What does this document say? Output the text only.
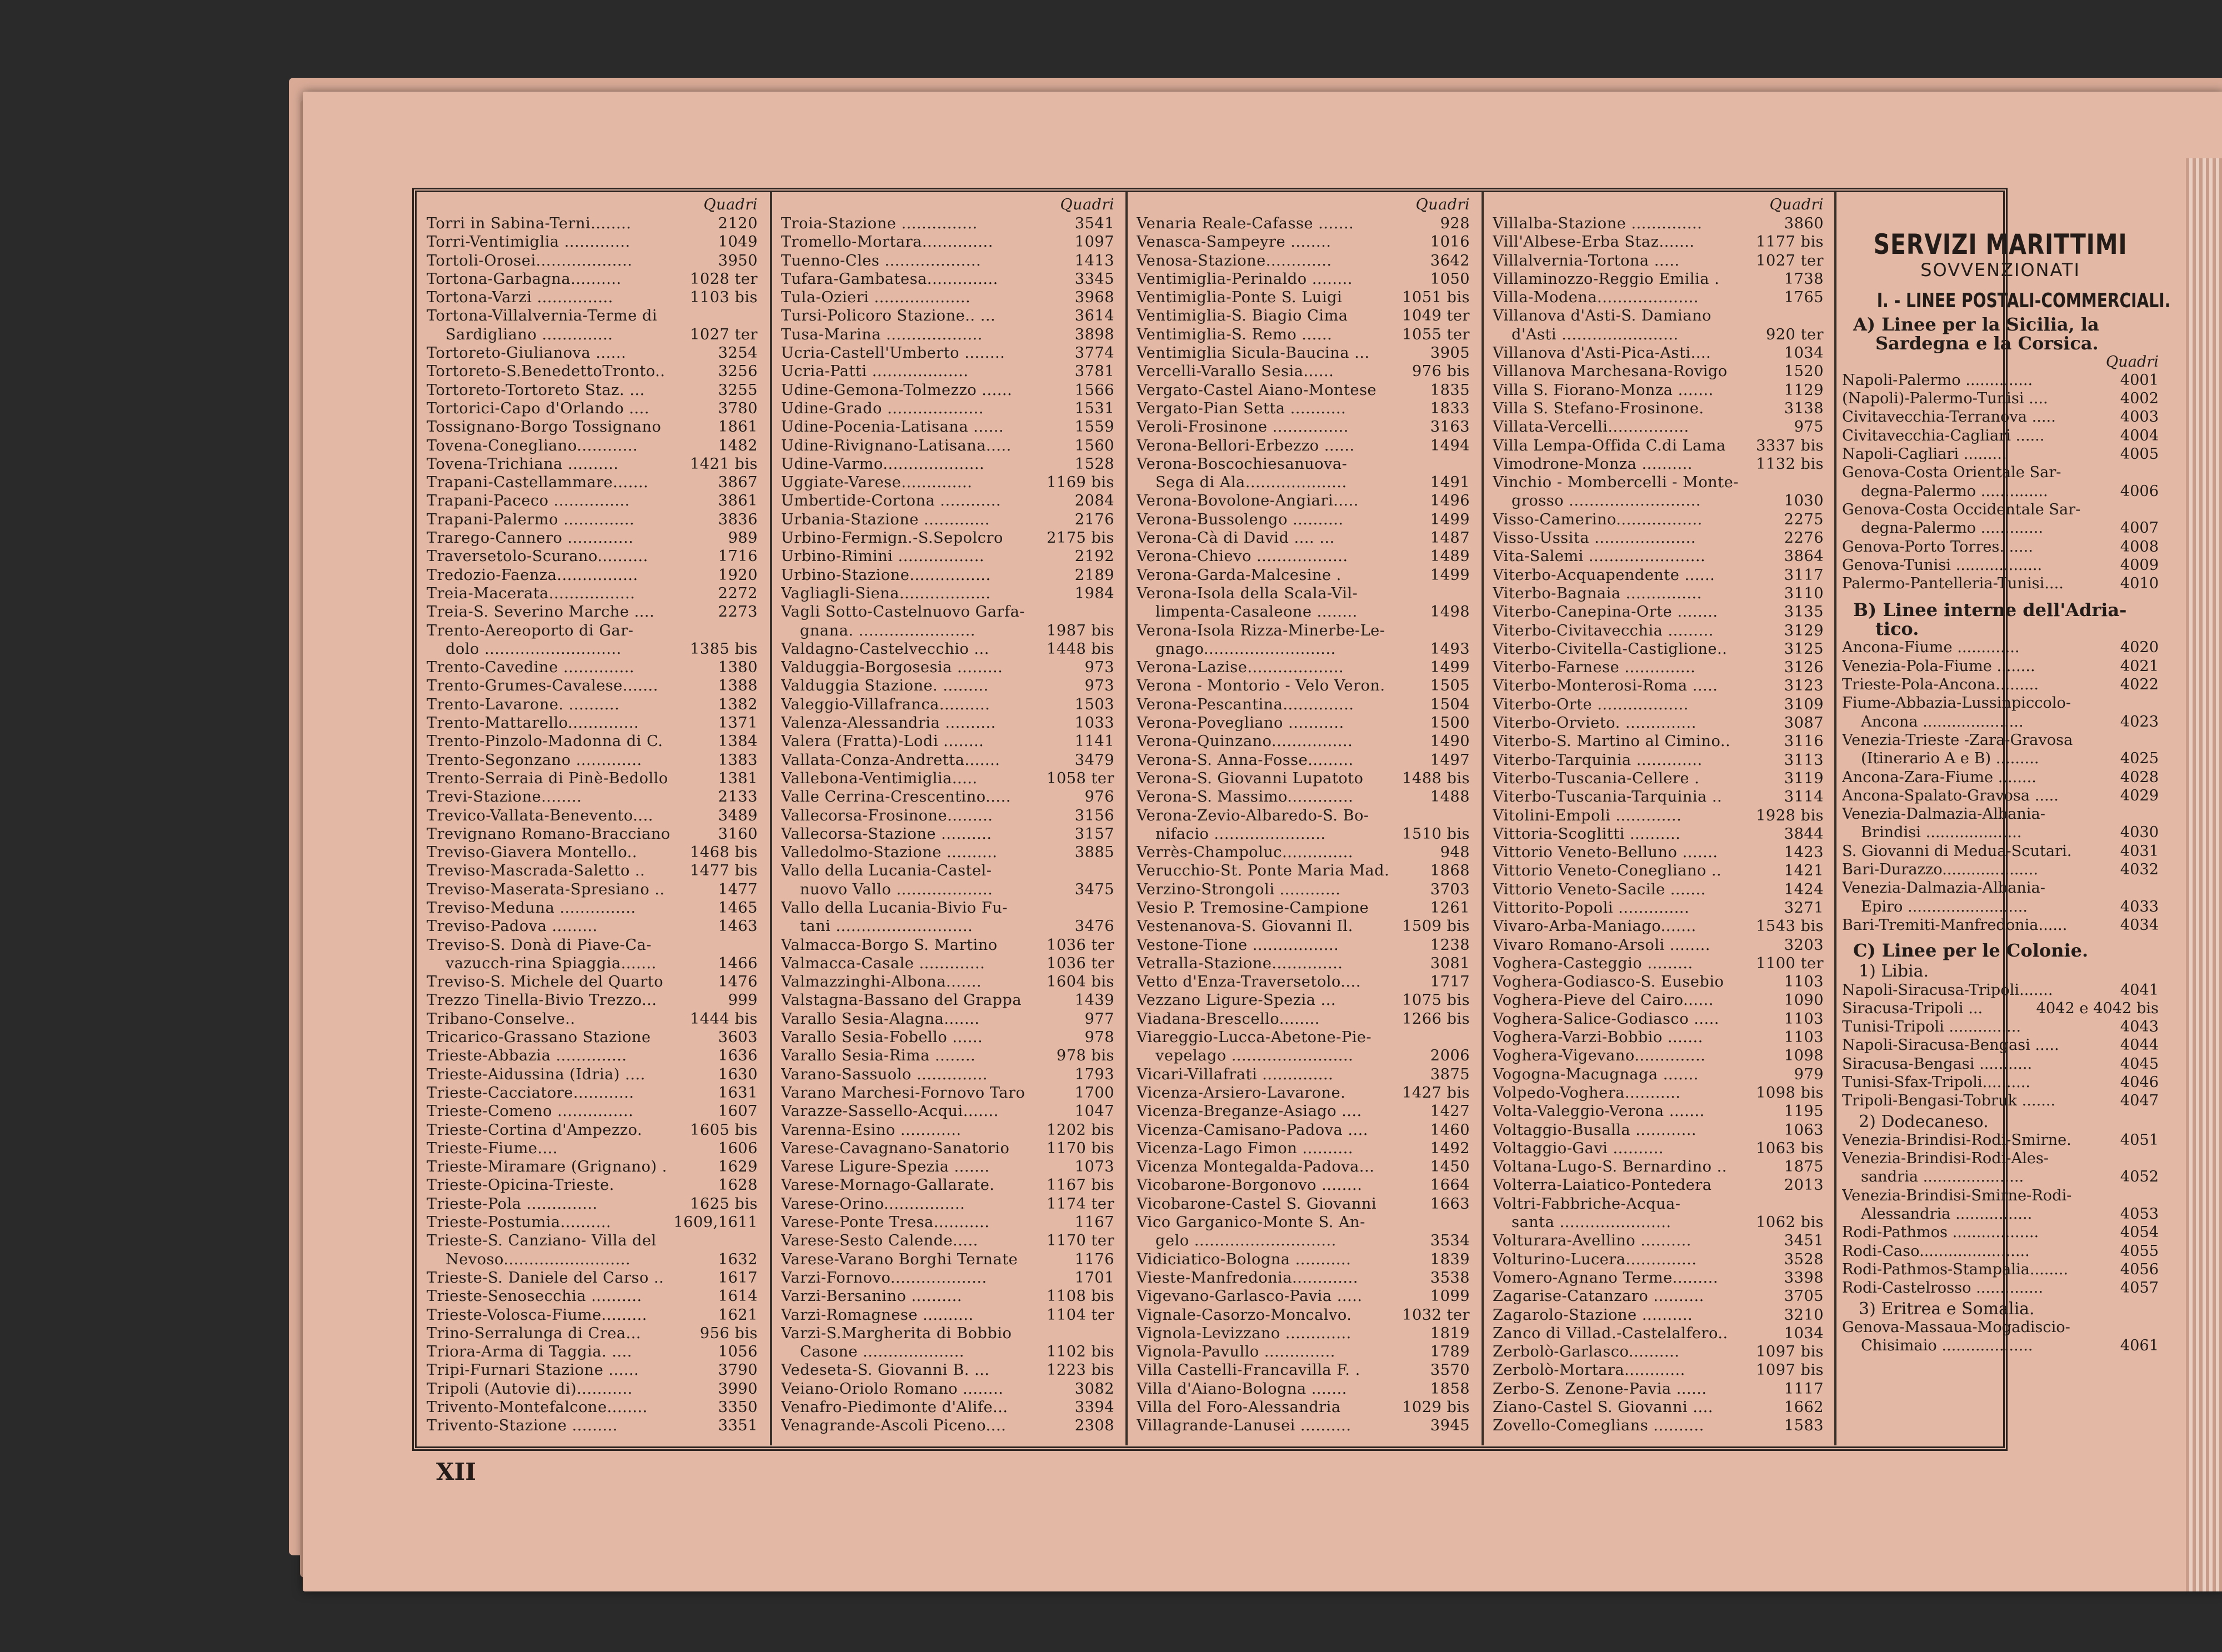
Quadri
Torri in Sabina-Terni........	2120
Torri-Ventimiglia .............	1049
Tortoli-Orosei...................	3950
Tortona-Garbagna..........	1028 ter
Tortona-Varzi ...............	1103 bis
Tortona-Villalvernia-Terme di
Sardigliano ..............	1027 ter
Tortoreto-Giulianova ......	3254
Tortoreto-S.BenedettoTronto..	3256
Tortoreto-Tortoreto Staz. ...	3255
Tortorici-Capo d'Orlando ....	3780
Tossignano-Borgo Tossignano	1861
Tovena-Conegliano............	1482
Tovena-Trichiana ..........	1421 bis
Trapani-Castellammare.......	3867
Trapani-Paceco ...............	3861
Trapani-Palermo ..............	3836
Trarego-Cannero .............	989
Traversetolo-Scurano..........	1716
Tredozio-Faenza................	1920
Treia-Macerata.................	2272
Treia-S. Severino Marche ....	2273
Trento-Aereoporto di Gar-
dolo ...........................	1385 bis
Trento-Cavedine ..............	1380
Trento-Grumes-Cavalese.......	1388
Trento-Lavarone. ..........	1382
Trento-Mattarello..............	1371
Trento-Pinzolo-Madonna di C.	1384
Trento-Segonzano .............	1383
Trento-Serraia di Pinè-Bedollo	1381
Trevi-Stazione........	2133
Trevico-Vallata-Benevento....	3489
Trevignano Romano-Bracciano	3160
Treviso-Giavera Montello..	1468 bis
Treviso-Mascrada-Saletto ..	1477 bis
Treviso-Maserata-Spresiano ..	1477
Treviso-Meduna ...............	1465
Treviso-Padova .........	1463
Treviso-S. Donà di Piave-Ca-
vazucch-rina Spiaggia.......	1466
Treviso-S. Michele del Quarto	1476
Trezzo Tinella-Bivio Trezzo...	999
Tribano-Conselve..	1444 bis
Tricarico-Grassano Stazione	3603
Trieste-Abbazia ..............	1636
Trieste-Aidussina (Idria) ....	1630
Trieste-Cacciatore............	1631
Trieste-Comeno ...............	1607
Trieste-Cortina d'Ampezzo.	1605 bis
Trieste-Fiume....	1606
Trieste-Miramare (Grignano) .	1629
Trieste-Opicina-Trieste.	1628
Trieste-Pola ..............	1625 bis
Trieste-Postumia..........	1609,1611
Trieste-S. Canziano- Villa del
Nevoso.........................	1632
Trieste-S. Daniele del Carso ..	1617
Trieste-Senosecchia ..........	1614
Trieste-Volosca-Fiume.........	1621
Trino-Serralunga di Crea...	956 bis
Triora-Arma di Taggia. ....	1056
Tripi-Furnari Stazione ......	3790
Tripoli (Autovie di)...........	3990
Trivento-Montefalcone........	3350
Trivento-Stazione .........	3351
Quadri
Troia-Stazione ...............	3541
Tromello-Mortara..............	1097
Tuenno-Cles ...................	1413
Tufara-Gambatesa..............	3345
Tula-Ozieri ...................	3968
Tursi-Policoro Stazione.. ...	3614
Tusa-Marina ...................	3898
Ucria-Castell'Umberto ........	3774
Ucria-Patti ...................	3781
Udine-Gemona-Tolmezzo ......	1566
Udine-Grado ...................	1531
Udine-Pocenia-Latisana ......	1559
Udine-Rivignano-Latisana.....	1560
Udine-Varmo....................	1528
Uggiate-Varese..............	1169 bis
Umbertide-Cortona ............	2084
Urbania-Stazione .............	2176
Urbino-Fermign.-S.Sepolcro	2175 bis
Urbino-Rimini .................	2192
Urbino-Stazione................	2189
Vagliagli-Siena..................	1984
Vagli Sotto-Castelnuovo Garfa-
gnana. .......................	1987 bis
Valdagno-Castelvecchio ...	1448 bis
Valduggia-Borgosesia .........	973
Valduggia Stazione. .........	973
Valeggio-Villafranca..........	1503
Valenza-Alessandria ..........	1033
Valera (Fratta)-Lodi ........	1141
Vallata-Conza-Andretta.......	3479
Vallebona-Ventimiglia.....	1058 ter
Valle Cerrina-Crescentino.....	976
Vallecorsa-Frosinone.........	3156
Vallecorsa-Stazione ..........	3157
Valledolmo-Stazione ..........	3885
Vallo della Lucania-Castel-
nuovo Vallo ...................	3475
Vallo della Lucania-Bivio Fu-
tani ...........................	3476
Valmacca-Borgo S. Martino	1036 ter
Valmacca-Casale .............	1036 ter
Valmazzinghi-Albona.......	1604 bis
Valstagna-Bassano del Grappa	1439
Varallo Sesia-Alagna.......	977
Varallo Sesia-Fobello ......	978
Varallo Sesia-Rima ........	978 bis
Varano-Sassuolo ..............	1793
Varano Marchesi-Fornovo Taro	1700
Varazze-Sassello-Acqui.......	1047
Varenna-Esino ............	1202 bis
Varese-Cavagnano-Sanatorio	1170 bis
Varese Ligure-Spezia .......	1073
Varese-Mornago-Gallarate.	1167 bis
Varese-Orino................	1174 ter
Varese-Ponte Tresa...........	1167
Varese-Sesto Calende.....	1170 ter
Varese-Varano Borghi Ternate	1176
Varzi-Fornovo...................	1701
Varzi-Bersanino ..........	1108 bis
Varzi-Romagnese ..........	1104 ter
Varzi-S.Margherita di Bobbio
Casone ....................	1102 bis
Vedeseta-S. Giovanni B. ...	1223 bis
Veiano-Oriolo Romano ........	3082
Venafro-Piedimonte d'Alife...	3394
Venagrande-Ascoli Piceno....	2308
Quadri
Venaria Reale-Cafasse .......	928
Venasca-Sampeyre ........	1016
Venosa-Stazione.............	3642
Ventimiglia-Perinaldo ........	1050
Ventimiglia-Ponte S. Luigi	1051 bis
Ventimiglia-S. Biagio Cima	1049 ter
Ventimiglia-S. Remo ......	1055 ter
Ventimiglia Sicula-Baucina ...	3905
Vercelli-Varallo Sesia......	976 bis
Vergato-Castel Aiano-Montese	1835
Vergato-Pian Setta ...........	1833
Veroli-Frosinone ...............	3163
Verona-Bellori-Erbezzo ......	1494
Verona-Boscochiesanuova-
Sega di Ala....................	1491
Verona-Bovolone-Angiari.....	1496
Verona-Bussolengo ..........	1499
Verona-Cà di David .... ...	1487
Verona-Chievo ..................	1489
Verona-Garda-Malcesine .	1499
Verona-Isola della Scala-Vil-
limpenta-Casaleone ........	1498
Verona-Isola Rizza-Minerbe-Le-
gnago..........................	1493
Verona-Lazise...................	1499
Verona - Montorio - Velo Veron.	1505
Verona-Pescantina..............	1504
Verona-Povegliano ...........	1500
Verona-Quinzano................	1490
Verona-S. Anna-Fosse.........	1497
Verona-S. Giovanni Lupatoto	1488 bis
Verona-S. Massimo.............	1488
Verona-Zevio-Albaredo-S. Bo-
nifacio ......................	1510 bis
Verrès-Champoluc..............	948
Verucchio-St. Ponte Maria Mad.	1868
Verzino-Strongoli ............	3703
Vesio P. Tremosine-Campione	1261
Vestenanova-S. Giovanni Il.	1509 bis
Vestone-Tione .................	1238
Vetralla-Stazione..............	3081
Vetto d'Enza-Traversetolo....	1717
Vezzano Ligure-Spezia ...	1075 bis
Viadana-Brescello........	1266 bis
Viareggio-Lucca-Abetone-Pie-
vepelago ........................	2006
Vicari-Villafrati ..............	3875
Vicenza-Arsiero-Lavarone.	1427 bis
Vicenza-Breganze-Asiago ....	1427
Vicenza-Camisano-Padova ....	1460
Vicenza-Lago Fimon ..........	1492
Vicenza Montegalda-Padova...	1450
Vicobarone-Borgonovo ........	1664
Vicobarone-Castel S. Giovanni	1663
Vico Garganico-Monte S. An-
gelo ............................	3534
Vidiciatico-Bologna ...........	1839
Vieste-Manfredonia.............	3538
Vigevano-Garlasco-Pavia .....	1099
Vignale-Casorzo-Moncalvo.	1032 ter
Vignola-Levizzano .............	1819
Vignola-Pavullo ..............	1789
Villa Castelli-Francavilla F. .	3570
Villa d'Aiano-Bologna .......	1858
Villa del Foro-Alessandria	1029 bis
Villagrande-Lanusei ..........	3945
Quadri
Villalba-Stazione ..............	3860
Vill'Albese-Erba Staz.......	1177 bis
Villalvernia-Tortona .....	1027 ter
Villaminozzo-Reggio Emilia .	1738
Villa-Modena....................	1765
Villanova d'Asti-S. Damiano
d'Asti .......................	920 ter
Villanova d'Asti-Pica-Asti....	1034
Villanova Marchesana-Rovigo	1520
Villa S. Fiorano-Monza .......	1129
Villa S. Stefano-Frosinone.	3138
Villata-Vercelli................	975
Villa Lempa-Offida C.di Lama	3337 bis
Vimodrone-Monza ..........	1132 bis
Vinchio - Mombercelli - Monte-
grosso ..........................	1030
Visso-Camerino.................	2275
Visso-Ussita ....................	2276
Vita-Salemi .......................	3864
Viterbo-Acquapendente ......	3117
Viterbo-Bagnaia ...............	3110
Viterbo-Canepina-Orte ........	3135
Viterbo-Civitavecchia .........	3129
Viterbo-Civitella-Castiglione..	3125
Viterbo-Farnese ..............	3126
Viterbo-Monterosi-Roma .....	3123
Viterbo-Orte ..................	3109
Viterbo-Orvieto. ..............	3087
Viterbo-S. Martino al Cimino..	3116
Viterbo-Tarquinia .............	3113
Viterbo-Tuscania-Cellere .	3119
Viterbo-Tuscania-Tarquinia ..	3114
Vitolini-Empoli .............	1928 bis
Vittoria-Scoglitti ..........	3844
Vittorio Veneto-Belluno .......	1423
Vittorio Veneto-Conegliano ..	1421
Vittorio Veneto-Sacile .......	1424
Vittorito-Popoli ..............	3271
Vivaro-Arba-Maniago.......	1543 bis
Vivaro Romano-Arsoli ........	3203
Voghera-Casteggio .........	1100 ter
Voghera-Godiasco-S. Eusebio	1103
Voghera-Pieve del Cairo......	1090
Voghera-Salice-Godiasco .....	1103
Voghera-Varzi-Bobbio .......	1103
Voghera-Vigevano..............	1098
Vogogna-Macugnaga .......	979
Volpedo-Voghera...........	1098 bis
Volta-Valeggio-Verona .......	1195
Voltaggio-Busalla ............	1063
Voltaggio-Gavi ..........	1063 bis
Voltana-Lugo-S. Bernardino ..	1875
Volterra-Laiatico-Pontedera	2013
Voltri-Fabbriche-Acqua-
santa ......................	1062 bis
Volturara-Avellino ..........	3451
Volturino-Lucera..............	3528
Vomero-Agnano Terme.........	3398
Zagarise-Catanzaro ..........	3705
Zagarolo-Stazione ..........	3210
Zanco di Villad.-Castelalfero..	1034
Zerbolò-Garlasco..........	1097 bis
Zerbolò-Mortara............	1097 bis
Zerbo-S. Zenone-Pavia ......	1117
Ziano-Castel S. Giovanni ....	1662
Zovello-Comeglians ..........	1583
SERVIZI MARITTIMI
SOVVENZIONATI
I. - LINEE POSTALI-COMMERCIALI.
A) Linee per la Sicilia, la
Sardegna e la Corsica.
Quadri
Napoli-Palermo ..............	4001
(Napoli)-Palermo-Tunisi ....	4002
Civitavecchia-Terranova .....	4003
Civitavecchia-Cagliari ......	4004
Napoli-Cagliari .........	4005
Genova-Costa Orientale Sar-
degna-Palermo ..............	4006
Genova-Costa Occidentale Sar-
degna-Palermo .............	4007
Genova-Porto Torres. .....	4008
Genova-Tunisi ..................	4009
Palermo-Pantelleria-Tunisi....	4010
B) Linee interne dell'Adria-
tico.
Ancona-Fiume .............	4020
Venezia-Pola-Fiume ........	4021
Trieste-Pola-Ancona.........	4022
Fiume-Abbazia-Lussinpiccolo-
Ancona .....................	4023
Venezia-Trieste -Zara-Gravosa
(Itinerario A e B) .........	4025
Ancona-Zara-Fiume ........	4028
Ancona-Spalato-Gravosa .....	4029
Venezia-Dalmazia-Albania-
Brindisi ....................	4030
S. Giovanni di Medua-Scutari.	4031
Bari-Durazzo....................	4032
Venezia-Dalmazia-Albania-
Epiro .........................	4033
Bari-Tremiti-Manfredonia......	4034
C) Linee per le Colonie.
1) Libia.
Napoli-Siracusa-Tripoli.......	4041
Siracusa-Tripoli ...	4042 e 4042 bis
Tunisi-Tripoli ...............	4043
Napoli-Siracusa-Bengasi .....	4044
Siracusa-Bengasi ...........	4045
Tunisi-Sfax-Tripoli..........	4046
Tripoli-Bengasi-Tobruk .......	4047
2) Dodecaneso.
Venezia-Brindisi-Rodi-Smirne.	4051
Venezia-Brindisi-Rodi-Ales-
sandria .....................	4052
Venezia-Brindisi-Smirne-Rodi-
Alessandria ................	4053
Rodi-Pathmos ..................	4054
Rodi-Caso.......................	4055
Rodi-Pathmos-Stampalia........	4056
Rodi-Castelrosso ..............	4057
3) Eritrea e Somalia.
Genova-Massaua-Mogadiscio-
Chisimaio ...................	4061
XII
